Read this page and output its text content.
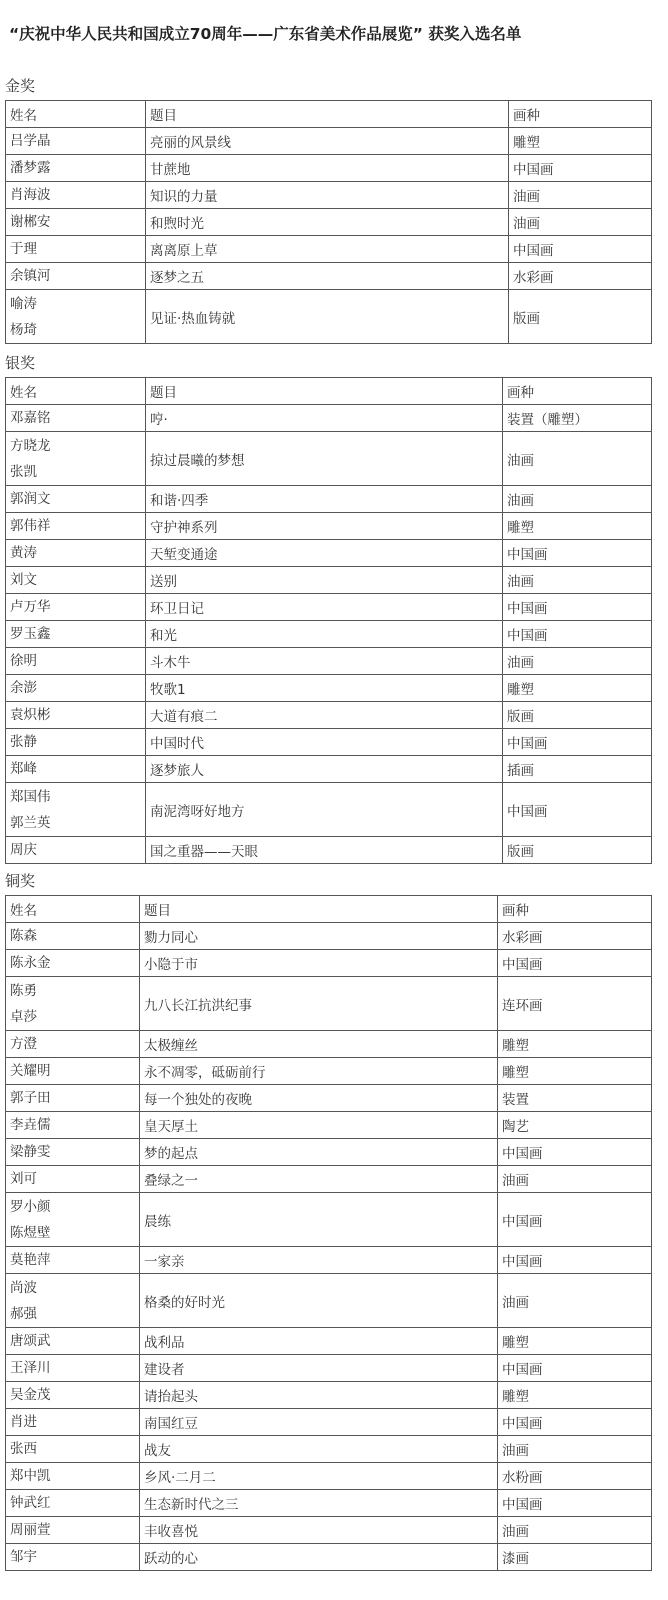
“庆祝中华人民共和国成立70周年——广东省美术作品展览” 获奖入选名单
金奖
姓名	题目	画种

吕学晶	亮丽的风景线	雕塑

潘梦露	甘蔗地	中国画

肖海波	知识的力量	油画

谢郴安	和煦时光	油画

于理	离离原上草	中国画

余镇河	逐梦之五	水彩画

喻涛
杨琦	见证·热血铸就	版画
银奖
姓名	题目	画种

邓嘉铭	哼·	装置（雕塑）

方晓龙
张凯	掠过晨曦的梦想	油画

郭润文	和谐·四季	油画

郭伟祥	守护神系列	雕塑

黄涛	天堑变通途	中国画

刘文	送别	油画

卢万华	环卫日记	中国画

罗玉鑫	和光	中国画

徐明	斗木牛	油画

余澎	牧歌1	雕塑

袁炽彬	大道有痕二	版画

张静	中国时代	中国画

郑峰	逐梦旅人	插画

郑国伟
郭兰英	南泥湾呀好地方	中国画

周庆	国之重器——天眼	版画
铜奖
姓名	题目	画种

陈森	勠力同心	水彩画

陈永金	小隐于市	中国画

陈勇
卓莎	九八长江抗洪纪事	连环画

方澄	太极缠丝	雕塑

关耀明	永不凋零，砥砺前行	雕塑

郭子田	每一个独处的夜晚	装置

李垚儒	皇天厚土	陶艺

梁静雯	梦的起点	中国画

刘可	叠绿之一	油画

罗小颜
陈煜壁	晨练	中国画

莫艳萍	一家亲	中国画

尚波
郝强	格桑的好时光	油画

唐颂武	战利品	雕塑

王泽川	建设者	中国画

吴金茂	请抬起头	雕塑

肖进	南国红豆	中国画

张西	战友	油画

郑中凯	乡风·二月二	水粉画

钟武红	生态新时代之三	中国画

周丽萱	丰收喜悦	油画

邹宇	跃动的心	漆画
